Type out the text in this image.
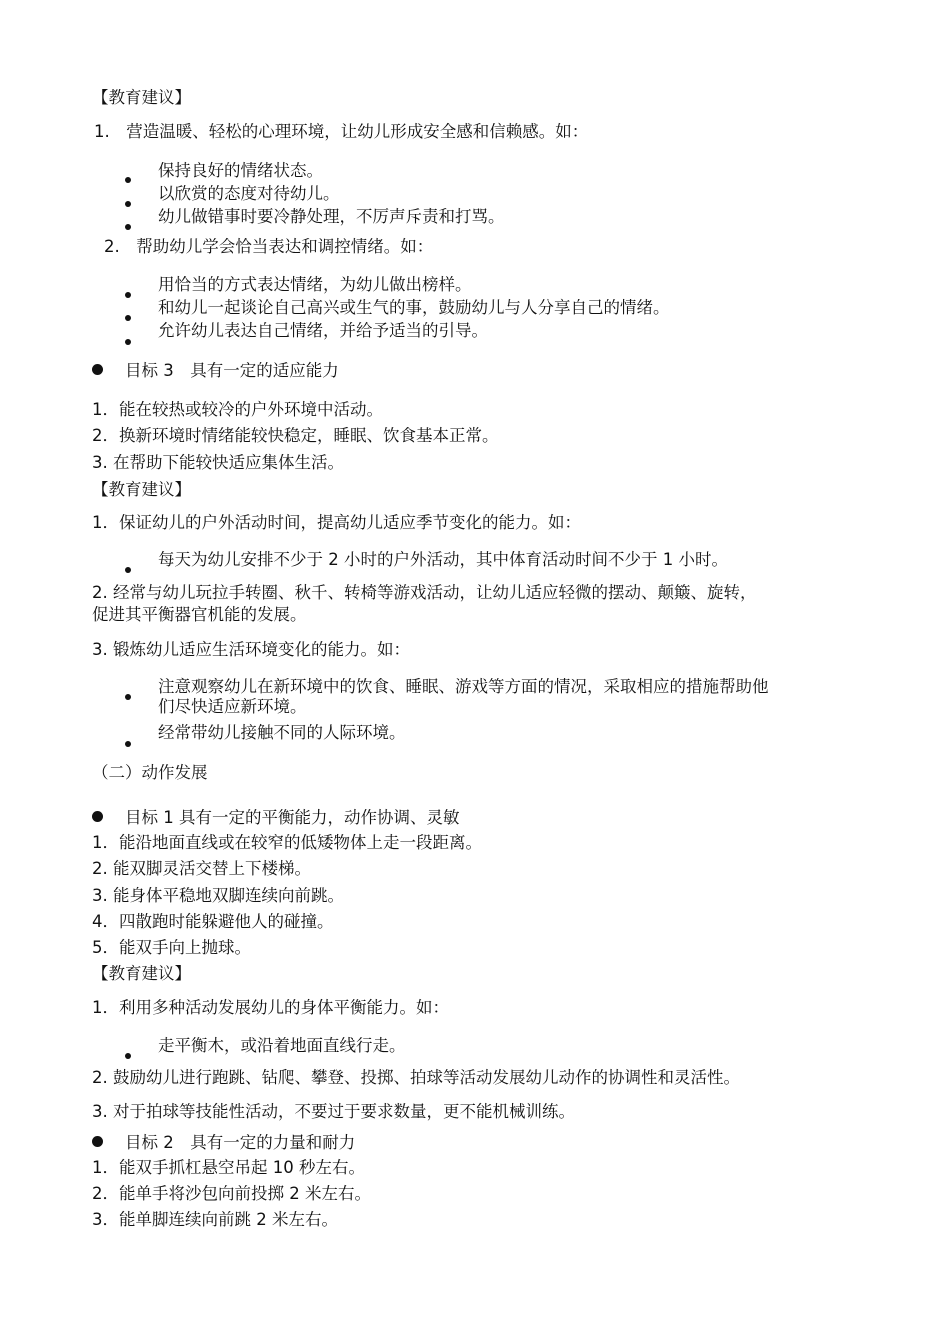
【教育建议】
1.　营造温暖、轻松的心理环境，让幼儿形成安全感和信赖感。如：
保持良好的情绪状态。
以欣赏的态度对待幼儿。
幼儿做错事时要冷静处理，不厉声斥责和打骂。
2.　帮助幼儿学会恰当表达和调控情绪。如：
用恰当的方式表达情绪，为幼儿做出榜样。
和幼儿一起谈论自己高兴或生气的事，鼓励幼儿与人分享自己的情绪。
允许幼儿表达自己情绪，并给予适当的引导。
目标 3　具有一定的适应能力
1．能在较热或较冷的户外环境中活动。
2．换新环境时情绪能较快稳定，睡眠、饮食基本正常。
3. 在帮助下能较快适应集体生活。
【教育建议】
1．保证幼儿的户外活动时间，提高幼儿适应季节变化的能力。如：
每天为幼儿安排不少于 2 小时的户外活动，其中体育活动时间不少于 1 小时。
2. 经常与幼儿玩拉手转圈、秋千、转椅等游戏活动，让幼儿适应轻微的摆动、颠簸、旋转，
促进其平衡器官机能的发展。
3. 锻炼幼儿适应生活环境变化的能力。如：
注意观察幼儿在新环境中的饮食、睡眠、游戏等方面的情况，采取相应的措施帮助他
们尽快适应新环境。
经常带幼儿接触不同的人际环境。
（二）动作发展
目标 1 具有一定的平衡能力，动作协调、灵敏
1．能沿地面直线或在较窄的低矮物体上走一段距离。
2. 能双脚灵活交替上下楼梯。
3. 能身体平稳地双脚连续向前跳。
4．四散跑时能躲避他人的碰撞。
5．能双手向上抛球。
【教育建议】
1．利用多种活动发展幼儿的身体平衡能力。如：
走平衡木，或沿着地面直线行走。
2. 鼓励幼儿进行跑跳、钻爬、攀登、投掷、拍球等活动发展幼儿动作的协调性和灵活性。
3. 对于拍球等技能性活动，不要过于要求数量，更不能机械训练。
目标 2　具有一定的力量和耐力
1．能双手抓杠悬空吊起 10 秒左右。
2．能单手将沙包向前投掷 2 米左右。
3．能单脚连续向前跳 2 米左右。
